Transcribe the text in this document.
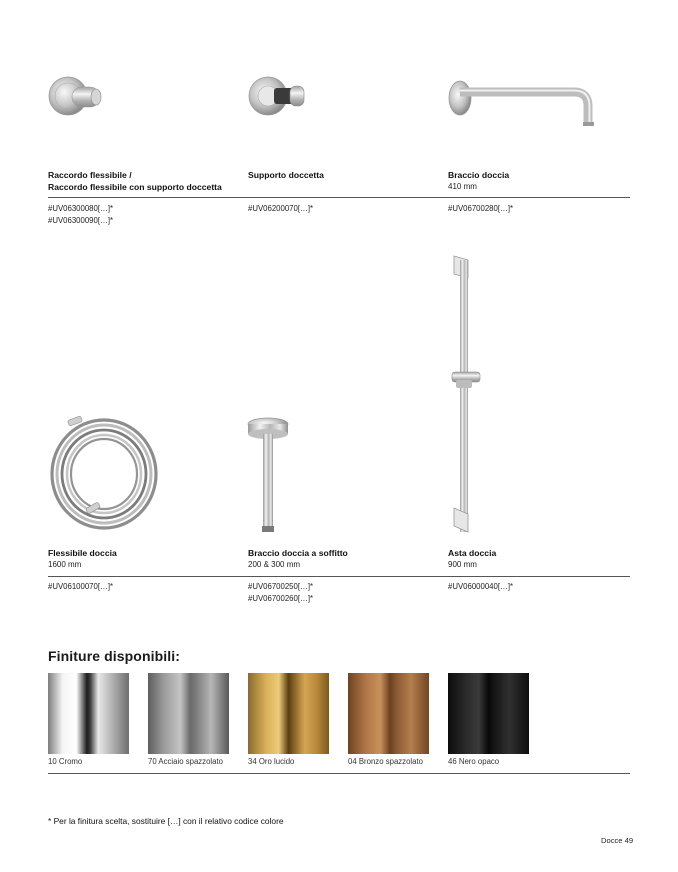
Raccordo flessibile /
Raccordo flessibile con supporto doccetta
#UV06300080[…]*
#UV06300090[…]*
Supporto doccetta
#UV06200070[…]*
Braccio doccia
410 mm
#UV06700280[…]*
Flessibile doccia
1600 mm
#UV06100070[…]*
Braccio doccia a soffitto
200 & 300 mm
#UV06700250[…]*
#UV06700260[…]*
Asta doccia
900 mm
#UV06000040[…]*
Finiture disponibili:
10 Cromo	70 Acciaio spazzolato	34 Oro lucido	04 Bronzo spazzolato	46 Nero opaco
* Per la finitura scelta, sostituire […] con il relativo codice colore
Docce 49
